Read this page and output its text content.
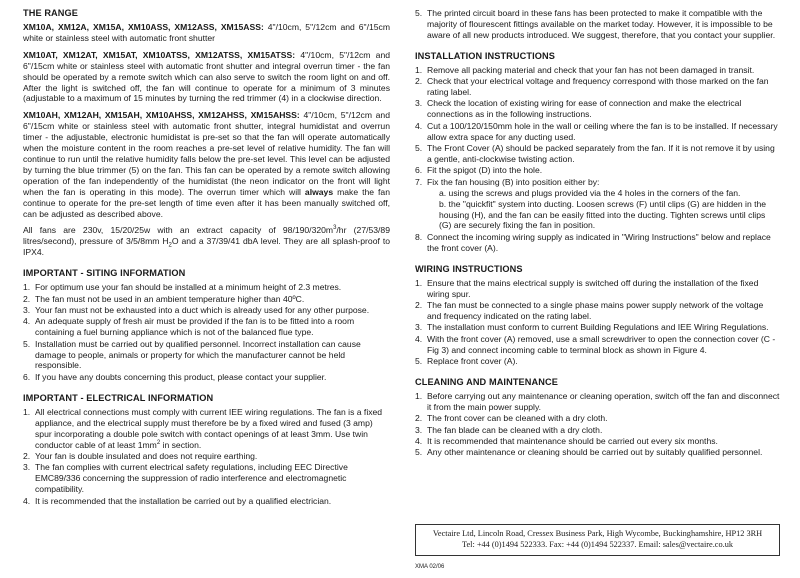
THE RANGE

XM10A, XM12A, XM15A, XM10ASS, XM12ASS, XM15ASS: 4"/10cm, 5"/12cm and 6"/15cm white or stainless steel with automatic front shutter

XM10AT, XM12AT, XM15AT, XM10ATSS, XM12ATSS, XM15ATSS: 4"/10cm, 5"/12cm and 6"/15cm white or stainless steel with automatic front shutter and integral overrun timer - the fan should be operated by a remote switch which can also serve to switch the room light on and off. After the light is switched off, the fan will continue to operate for a minimum of 3 minutes (adjustable to a maximum of 15 minutes by turning the red trimmer (4) in a clockwise direction.

XM10AH, XM12AH, XM15AH, XM10AHSS, XM12AHSS, XM15AHSS: 4"/10cm, 5"/12cm and 6"/15cm white or stainless steel with automatic front shutter, integral humidistat and overrun timer - the adjustable, electronic humidistat is pre-set so that the fan will operate automatically when the moisture content in the room reaches a pre-set level of relative humidity. The fan will continue to run until the relative humidity falls below the pre-set level. This level can be adjusted by turning the blue trimmer (5) on the fan. This fan can be operated by a remote switch allowing operation of the fan independently of the humidistat (the neon indicator on the front will light when the fan is operating in this mode). The overrun timer which will always make the fan continue to operate for the pre-set length of time even after it has been manually switched off, can be adjusted as described above.

All fans are 230v, 15/20/25w with an extract capacity of $98/190/320m^3/hr$ (27/53/89 litres/second), pressure of 3/5/8mm $H_2O$ and a 37/39/41 dbA level. They are all splash-proof to IPX4.

IMPORTANT - SITING INFORMATION
1. For optimum use your fan should be installed at a minimum height of 2.3 metres.
2. The fan must not be used in an ambient temperature higher than 40ºC.
3. Your fan must not be exhausted into a duct which is already used for any other purpose.
4. An adequate supply of fresh air must be provided if the fan is to be fitted into a room containing a fuel burning appliance which is not of the balanced flue type.
5. Installation must be carried out by qualified personnel. Incorrect installation can cause damage to people, animals or property for which the manufacturer cannot be held responsible.
6. If you have any doubts concerning this product, please contact your supplier.
IMPORTANT - ELECTRICAL INFORMATION
1. All electrical connections must comply with current IEE wiring regulations. The fan is a fixed appliance, and the electrical supply must therefore be by a fixed wired and fused (3 amp) spur incorporating a double pole switch with contact openings of at least 3mm. Use twin conductor cable of at least $1mm^2$ in section.
2. Your fan is double insulated and does not require earthing.
3. The fan complies with current electrical safety regulations, including EEC Directive EMC89/336 concerning the suppression of radio interference and electromagnetic compatibility.
4. It is recommended that the installation be carried out by a qualified electrician.
5. The printed circuit board in these fans has been protected to make it compatible with the majority of flourescent fittings available on the market today. However, it is impossible to be aware of all new products introduced. We suggest, therefore, that you contact your supplier.
INSTALLATION INSTRUCTIONS
1. Remove all packing material and check that your fan has not been damaged in transit.
2. Check that your electrical voltage and frequency correspond with those marked on the fan rating label.
3. Check the location of existing wiring for ease of connection and make the electrical connections as in the following instructions.
4. Cut a 100/120/150mm hole in the wall or ceiling where the fan is to be installed. If necessary allow extra space for any ducting used.
5. The Front Cover (A) should be packed separately from the fan. If it is not remove it by using a gentle, anti-clockwise twisting action.
6. Fit the spigot (D) into the hole.
7. Fix the fan housing (B) into position either by:
a. using the screws and plugs provided via the 4 holes in the corners of the fan.
b. the "quickfit" system into ducting. Loosen screws (F) until clips (G) are hidden in the housing (H), and the fan can be easily fitted into the ducting. Tighten screws until clips (G) are securely fixing the fan in position.
8. Connect the incoming wiring supply as indicated in "Wiring Instructions" below and replace the front cover (A).
WIRING INSTRUCTIONS
1. Ensure that the mains electrical supply is switched off during the installation of the fixed wiring spur.
2. The fan must be connected to a single phase mains power supply network of the voltage and frequency indicated on the rating label.
3. The installation must conform to current Building Regulations and IEE Wiring Regulations.
4. With the front cover (A) removed, use a small screwdriver to open the connection cover (C - Fig 3) and connect incoming cable to terminal block as shown in Figure 4.
5. Replace front cover (A).
CLEANING AND MAINTENANCE
1. Before carrying out any maintenance or cleaning operation, switch off the fan and disconnect it from the main power supply.
2. The front cover can be cleaned with a dry cloth.
3. The fan blade can be cleaned with a dry cloth.
4. It is recommended that maintenance should be carried out every six months.
5. Any other maintenance or cleaning should be carried out by suitably qualified personnel.
Vectaire Ltd, Lincoln Road, Cressex Business Park, High Wycombe, Buckinghamshire, HP12 3RH
Tel: +44 (0)1494 522333. Fax: +44 (0)1494 522337. Email: sales@vectaire.co.uk
XMA 02/06
